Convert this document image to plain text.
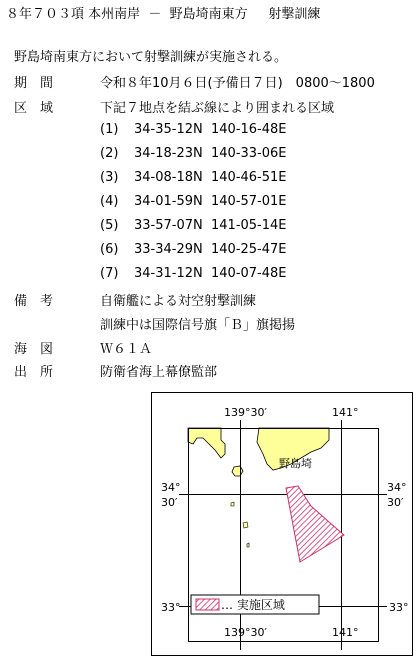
８年７０３項 本州南岸  －  野島埼南東方     射撃訓練
野島埼南東方において射撃訓練が実施される。
期　間	令和８年10月６日(予備日７日)　0800～1800
区　域	下記７地点を結ぶ線により囲まれる区域
(1) 34-35-12N 140-16-48E
(2) 34-18-23N 140-33-06E
(3) 34-08-18N 140-46-51E
(4) 34-01-59N 140-57-01E
(5) 33-57-07N 141-05-14E
(6) 33-34-29N 140-25-47E
(7) 34-31-12N 140-07-48E
備　考	自衛艦による対空射撃訓練
訓練中は国際信号旗「Ｂ」旗掲揚
海　図	Ｗ６１Ａ
出　所	防衛省海上幕僚監部
野島埼
139°30′	141°
139°30′	141°
34°
30′
34°
30′
33°	33°
… 実施区域
